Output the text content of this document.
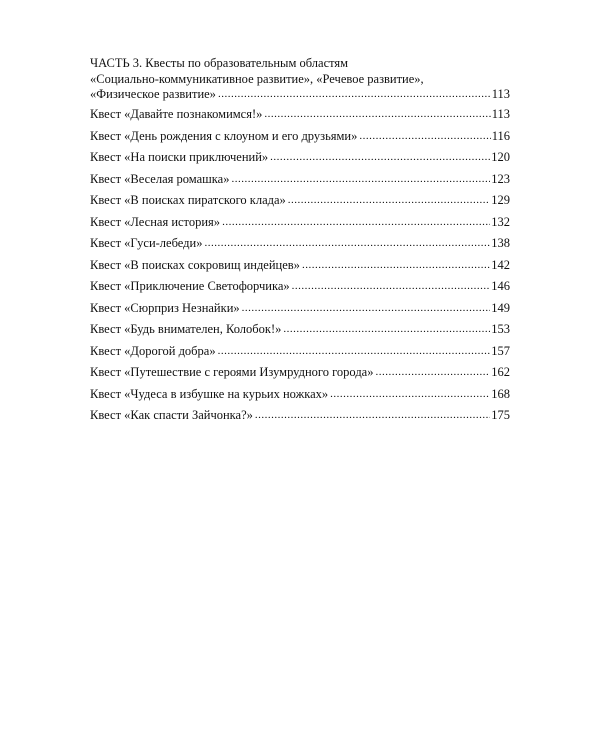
ЧАСТЬ 3. Квесты по образовательным областям
«Социально-коммуникативное развитие», «Речевое развитие»,
«Физическое развитие» .....	113
Квест «Давайте познакомимся!» .....	113
Квест «День рождения с клоуном и его друзьями» .....	116
Квест «На поиски приключений» .....	120
Квест «Веселая ромашка» .....	123
Квест «В поисках пиратского клада» .....	129
Квест «Лесная история» .....	132
Квест «Гуси-лебеди» .....	138
Квест «В поисках сокровищ индейцев» .....	142
Квест «Приключение Светофорчика» .....	146
Квест «Сюрприз Незнайки» .....	149
Квест «Будь внимателен, Колобок!» .....	153
Квест «Дорогой добра» .....	157
Квест «Путешествие с героями Изумрудного города» .....	162
Квест «Чудеса в избушке на курьих ножках» .....	168
Квест «Как спасти Зайчонка?» .....	175
